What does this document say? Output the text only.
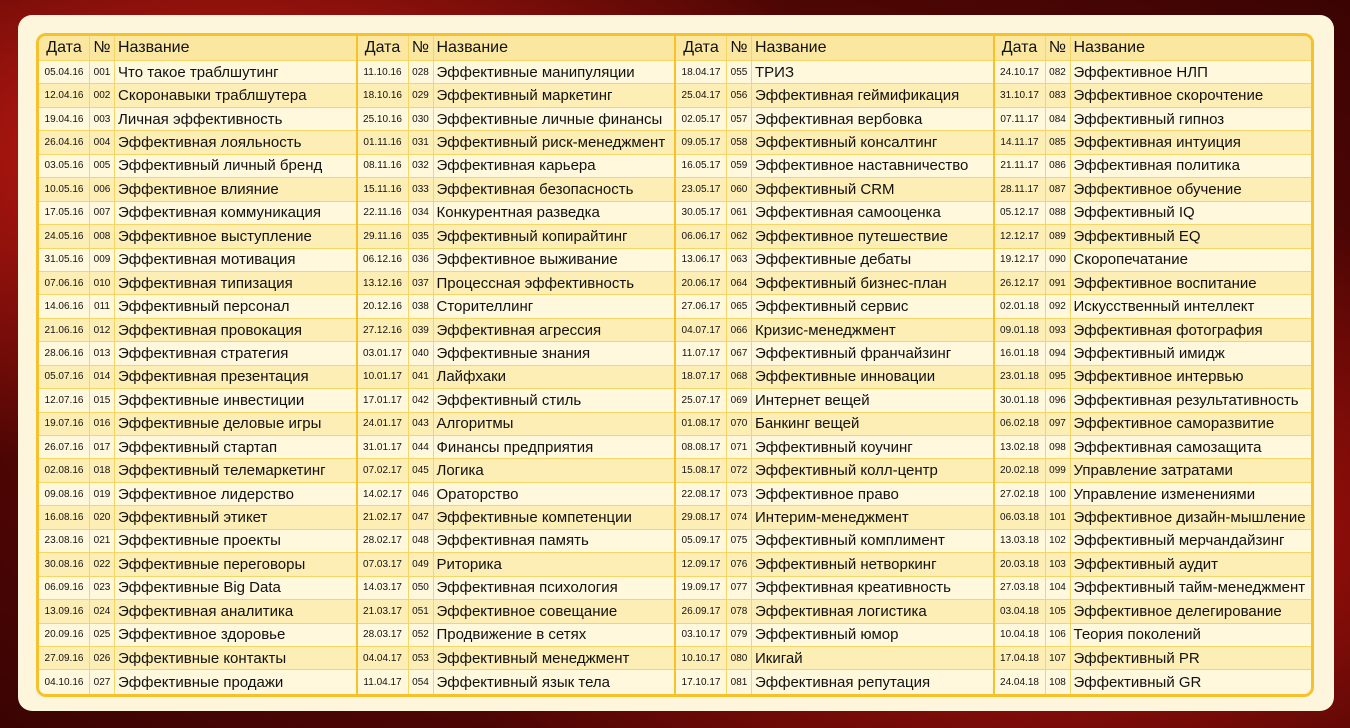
Дата № Название
05.04.16	001 Что такое траблшутинг
12.04.16	002 Скоронавыки траблшутера
19.04.16	003 Личная эффективность
26.04.16	004 Эффективная лояльность
03.05.16	005 Эффективный личный бренд
10.05.16	006 Эффективное влияние
17.05.16	007 Эффективная коммуникация
24.05.16	008 Эффективное выступление
31.05.16	009 Эффективная мотивация
07.06.16	010 Эффективная типизация
14.06.16	011 Эффективный персонал
21.06.16	012 Эффективная провокация
28.06.16	013 Эффективная стратегия
05.07.16	014 Эффективная презентация
12.07.16	015 Эффективные инвестиции
19.07.16	016 Эффективные деловые игры
26.07.16	017 Эффективный стартап
02.08.16	018 Эффективный телемаркетинг
09.08.16	019 Эффективное лидерство
16.08.16	020 Эффективный этикет
23.08.16	021 Эффективные проекты
30.08.16	022 Эффективные переговоры
06.09.16	023 Эффективные Big Data
13.09.16	024 Эффективная аналитика
20.09.16	025 Эффективное здоровье
27.09.16	026 Эффективные контакты
04.10.16	027 Эффективные продажи
Дата № Название
11.10.16	028 Эффективные манипуляции
18.10.16	029 Эффективный маркетинг
25.10.16	030 Эффективные личные финансы
01.11.16	031 Эффективный риск-менеджмент
08.11.16	032 Эффективная карьера
15.11.16	033 Эффективная безопасность
22.11.16	034 Конкурентная разведка
29.11.16	035 Эффективный копирайтинг
06.12.16	036 Эффективное выживание
13.12.16	037 Процессная эффективность
20.12.16	038 Сторителлинг
27.12.16	039 Эффективная агрессия
03.01.17	040 Эффективные знания
10.01.17	041 Лайфхаки
17.01.17	042 Эффективный стиль
24.01.17	043 Алгоритмы
31.01.17	044 Финансы предприятия
07.02.17	045 Логика
14.02.17	046 Ораторство
21.02.17	047 Эффективные компетенции
28.02.17	048 Эффективная память
07.03.17	049 Риторика
14.03.17	050 Эффективная психология
21.03.17	051 Эффективное совещание
28.03.17	052 Продвижение в сетях
04.04.17	053 Эффективный менеджмент
11.04.17	054 Эффективный язык тела
Дата № Название
18.04.17	055 ТРИЗ
25.04.17	056 Эффективная геймификация
02.05.17	057 Эффективная вербовка
09.05.17	058 Эффективный консалтинг
16.05.17	059 Эффективное наставничество
23.05.17	060 Эффективный CRM
30.05.17	061 Эффективная самооценка
06.06.17	062 Эффективное путешествие
13.06.17	063 Эффективные дебаты
20.06.17	064 Эффективный бизнес-план
27.06.17	065 Эффективный сервис
04.07.17	066 Кризис-менеджмент
11.07.17	067 Эффективный франчайзинг
18.07.17	068 Эффективные инновации
25.07.17	069 Интернет вещей
01.08.17	070 Банкинг вещей
08.08.17	071 Эффективный коучинг
15.08.17	072 Эффективный колл-центр
22.08.17	073 Эффективное право
29.08.17	074 Интерим-менеджмент
05.09.17	075 Эффективный комплимент
12.09.17	076 Эффективный нетворкинг
19.09.17	077 Эффективная креативность
26.09.17	078 Эффективная логистика
03.10.17	079 Эффективный юмор
10.10.17	080 Икигай
17.10.17	081 Эффективная репутация
Дата № Название
24.10.17	082 Эффективное НЛП
31.10.17	083 Эффективное скорочтение
07.11.17	084 Эффективный гипноз
14.11.17	085 Эффективная интуиция
21.11.17	086 Эффективная политика
28.11.17	087 Эффективное обучение
05.12.17	088 Эффективный IQ
12.12.17	089 Эффективный EQ
19.12.17	090 Скоропечатание
26.12.17	091 Эффективное воспитание
02.01.18	092 Искусственный интеллект
09.01.18	093 Эффективная фотография
16.01.18	094 Эффективный имидж
23.01.18	095 Эффективное интервью
30.01.18	096 Эффективная результативность
06.02.18	097 Эффективное саморазвитие
13.02.18	098 Эффективная самозащита
20.02.18	099 Управление затратами
27.02.18	100 Управление изменениями
06.03.18	101 Эффективное дизайн-мышление
13.03.18	102 Эффективный мерчандайзинг
20.03.18	103 Эффективный аудит
27.03.18	104 Эффективный тайм-менеджмент
03.04.18	105 Эффективное делегирование
10.04.18	106 Теория поколений
17.04.18	107 Эффективный PR
24.04.18	108 Эффективный GR
